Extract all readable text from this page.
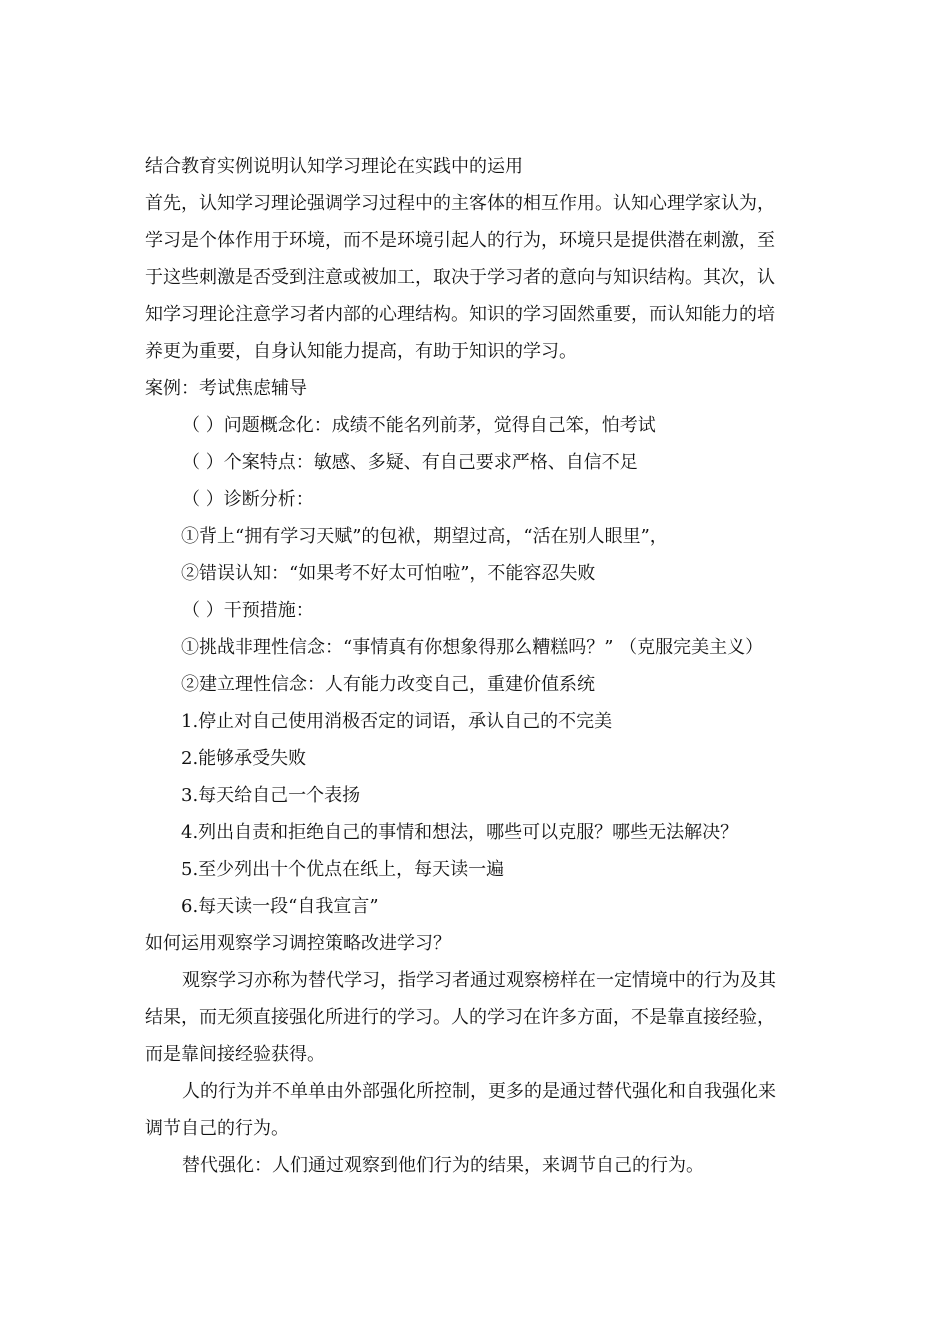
结合教育实例说明认知学习理论在实践中的运用
首先，认知学习理论强调学习过程中的主客体的相互作用。认知心理学家认为，
学习是个体作用于环境，而不是环境引起人的行为，环境只是提供潜在刺激，至
于这些刺激是否受到注意或被加工，取决于学习者的意向与知识结构。其次，认
知学习理论注意学习者内部的心理结构。知识的学习固然重要，而认知能力的培
养更为重要，自身认知能力提高，有助于知识的学习。
案例：考试焦虑辅导
（ ）问题概念化：成绩不能名列前茅，觉得自己笨，怕考试
（ ）个案特点：敏感、多疑、有自己要求严格、自信不足
（ ）诊断分析：
①背上“拥有学习天赋”的包袱，期望过高，“活在别人眼里”，
②错误认知：“如果考不好太可怕啦”，不能容忍失败
（ ）干预措施：
①挑战非理性信念：“事情真有你想象得那么糟糕吗？” （克服完美主义）
②建立理性信念：人有能力改变自己，重建价值系统
1.停止对自己使用消极否定的词语，承认自己的不完美
2.能够承受失败
3.每天给自己一个表扬
4.列出自责和拒绝自己的事情和想法，哪些可以克服？哪些无法解决？
5.至少列出十个优点在纸上，每天读一遍
6.每天读一段“自我宣言”
如何运用观察学习调控策略改进学习？
观察学习亦称为替代学习，指学习者通过观察榜样在一定情境中的行为及其
结果，而无须直接强化所进行的学习。人的学习在许多方面，不是靠直接经验，
而是靠间接经验获得。
人的行为并不单单由外部强化所控制，更多的是通过替代强化和自我强化来
调节自己的行为。
替代强化：人们通过观察到他们行为的结果，来调节自己的行为。
